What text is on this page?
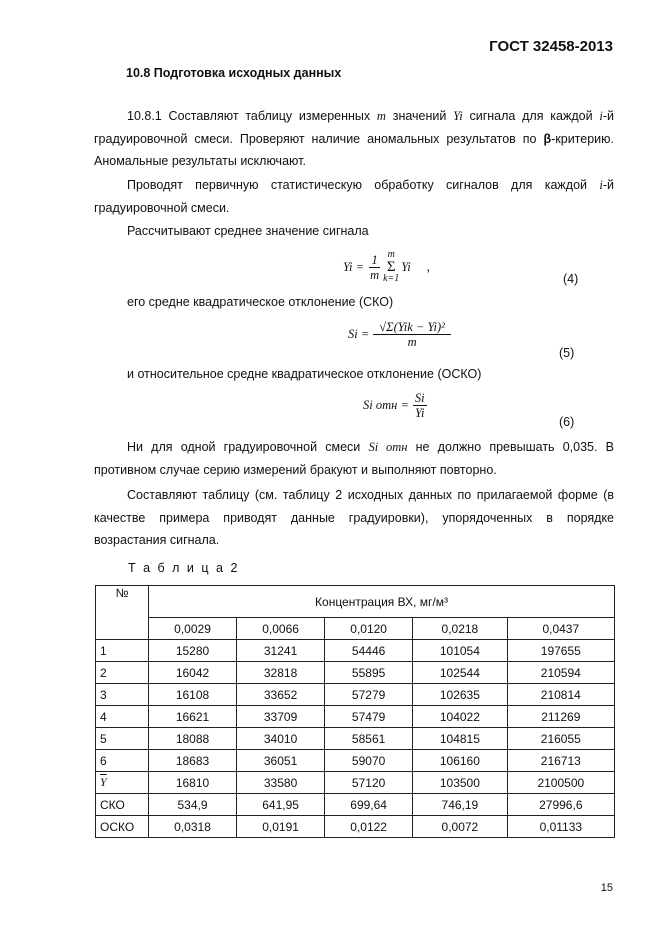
ГОСТ 32458-2013
10.8 Подготовка исходных данных
10.8.1 Составляют таблицу измеренных m значений Yi сигнала для каждой i-й градуировочной смеси. Проверяют наличие аномальных результатов по β-критерию. Аномальные результаты исключают.
Проводят первичную статистическую обработку сигналов для каждой i-й градуировочной смеси.
Рассчитывают среднее значение сигнала
$Yi = \frac{1}{m}$ m
Σ
k=1
Yi ,
(4)
его средне квадратическое отклонение (СКО)
$Si = \frac{\text{√Σ(Yik − Yi)²}}{m}$
(5)
и относительное средне квадратическое отклонение (ОСКО)
Si отн = $\frac{Si}{Yi}$
(6)
Ни для одной градуировочной смеси Si отн не должно превышать 0,035. В противном случае серию измерений бракуют и выполняют повторно.
Составляют таблицу (см. таблицу 2 исходных данных по прилагаемой форме (в качестве примера приводят данные градуировки), упорядоченных в порядке возрастания сигнала.
Т а б л и ц а 2
№	Концентрация ВХ, мг/м³				
	0,0029	0,0066	0,0120	0,0218	0,0437
1	15280	31241	54446	101054	197655
2	16042	32818	55895	102544	210594
3	16108	33652	57279	102635	210814
4	16621	33709	57479	104022	211269
5	18088	34010	58561	104815	216055
6	18683	36051	59070	106160	216713
$\overline{Y}$	16810	33580	57120	103500	2100500
СКО	534,9	641,95	699,64	746,19	27996,6
ОСКО	0,0318	0,0191	0,0122	0,0072	0,01133
15
